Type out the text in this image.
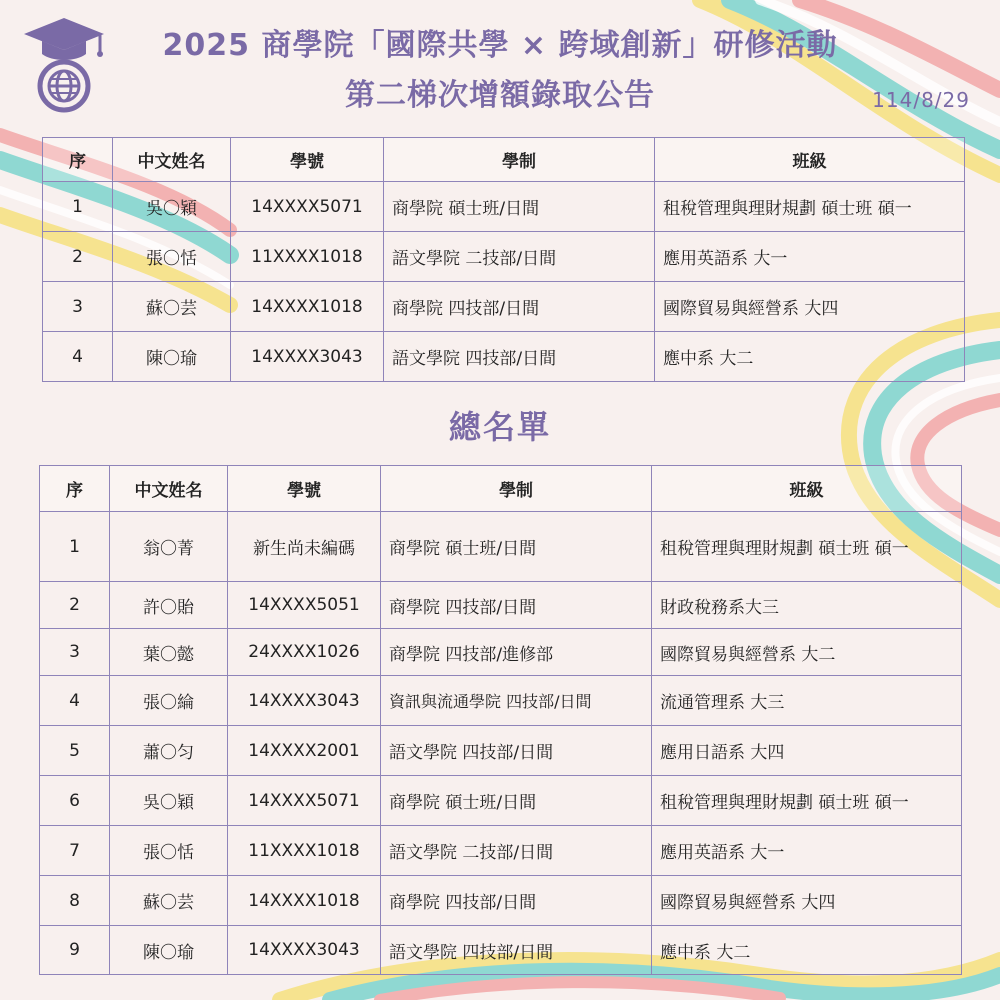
2025 商學院「國際共學 × 跨域創新」研修活動
第二梯次增額錄取公告	114/8/29
序	中文姓名	學號	學制	班級
1	吳〇穎	14XXXX5071	商學院 碩士班/日間	租稅管理與理財規劃 碩士班 碩一
2	張〇恬	11XXXX1018	語文學院 二技部/日間	應用英語系 大一
3	蘇〇芸	14XXXX1018	商學院 四技部/日間	國際貿易與經營系 大四
4	陳〇瑜	14XXXX3043	語文學院 四技部/日間	應中系 大二
總名單
序	中文姓名	學號	學制	班級
1	翁〇菁	新生尚未編碼	商學院 碩士班/日間	租稅管理與理財規劃 碩士班 碩一
2	許〇貽	14XXXX5051	商學院 四技部/日間	財政稅務系大三
3	葉〇懿	24XXXX1026	商學院 四技部/進修部	國際貿易與經營系 大二
4	張〇綸	14XXXX3043	資訊與流通學院 四技部/日間	流通管理系 大三
5	蕭〇匀	14XXXX2001	語文學院 四技部/日間	應用日語系 大四
6	吳〇穎	14XXXX5071	商學院 碩士班/日間	租稅管理與理財規劃 碩士班 碩一
7	張〇恬	11XXXX1018	語文學院 二技部/日間	應用英語系 大一
8	蘇〇芸	14XXXX1018	商學院 四技部/日間	國際貿易與經營系 大四
9	陳〇瑜	14XXXX3043	語文學院 四技部/日間	應中系 大二
